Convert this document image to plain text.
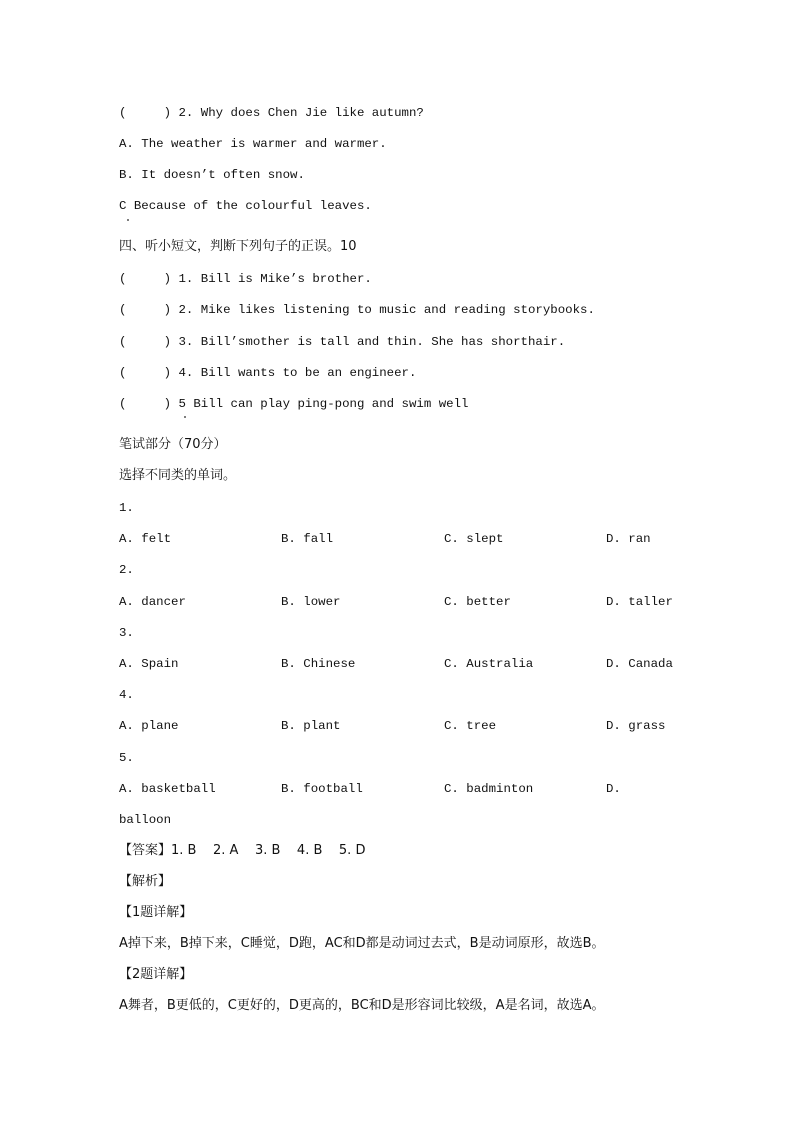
(     ) 2. Why does Chen Jie like autumn?
A. The weather is warmer and warmer.
B. It doesn’t often snow.
C Because of the colourful leaves.
四、听小短文，判断下列句子的正误。10
(     ) 1. Bill is Mike’s brother.
(     ) 2. Mike likes listening to music and reading storybooks.
(     ) 3. Bill’smother is tall and thin. She has shorthair.
(     ) 4. Bill wants to be an engineer.
(     ) 5 Bill can play ping-pong and swim well
笔试部分（70分）
选择不同类的单词。
1.
A. felt	B. fall	C. slept	D. ran
2.
A. dancer	B. lower	C. better	D. taller
3.
A. Spain	B. Chinese	C. Australia	D. Canada
4.
A. plane	B. plant	C. tree	D. grass
5.
A. basketball	B. football	C. badminton	D.
balloon
【答案】1. B    2. A    3. B    4. B    5. D
【解析】
【1题详解】
A掉下来，B掉下来，C睡觉，D跑，AC和D都是动词过去式，B是动词原形，故选B。
【2题详解】
A舞者，B更低的，C更好的，D更高的，BC和D是形容词比较级，A是名词，故选A。
